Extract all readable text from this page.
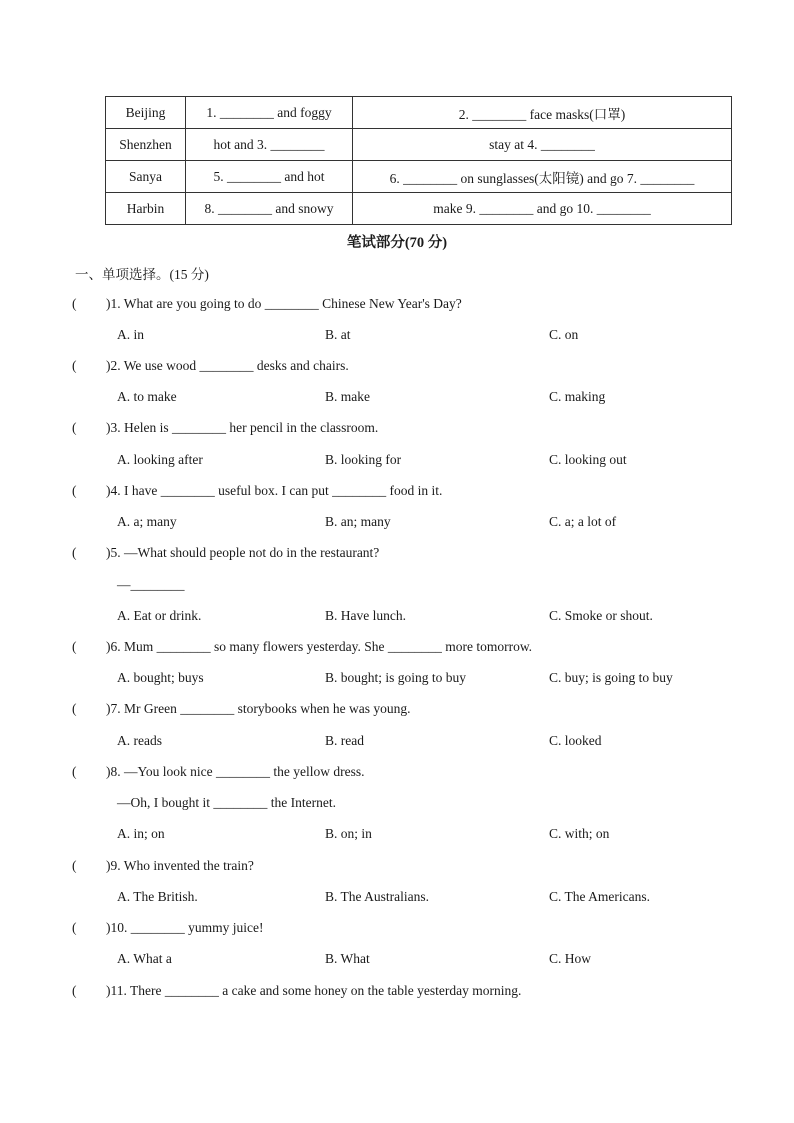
Beijing	1. ________ and foggy	2. ________ face masks(口罩)
Shenzhen	hot and 3. ________	stay at 4. ________
Sanya	5. ________ and hot	6. ________ on sunglasses(太阳镜) and go 7. ________
Harbin	8. ________ and snowy	make 9. ________ and go 10. ________
笔试部分(70 分)
一、单项选择。(15 分)
( )1. What are you going to do ________ Chinese New Year's Day?
A. in	B. at	C. on
( )2. We use wood ________ desks and chairs.
A. to make	B. make	C. making
( )3. Helen is ________ her pencil in the classroom.
A. looking after	B. looking for	C. looking out
( )4. I have ________ useful box. I can put ________ food in it.
A. a; many	B. an; many	C. a; a lot of
( )5. —What should people not do in the restaurant?
—________
A. Eat or drink.	B. Have lunch.	C. Smoke or shout.
( )6. Mum ________ so many flowers yesterday. She ________ more tomorrow.
A. bought; buys	B. bought; is going to buy	C. buy; is going to buy
( )7. Mr Green ________ storybooks when he was young.
A. reads	B. read	C. looked
( )8. —You look nice ________ the yellow dress.
—Oh, I bought it ________ the Internet.
A. in; on	B. on; in	C. with; on
( )9. Who invented the train?
A. The British.	B. The Australians.	C. The Americans.
( )10. ________ yummy juice!
A. What a	B. What	C. How
( )11. There ________ a cake and some honey on the table yesterday morning.
